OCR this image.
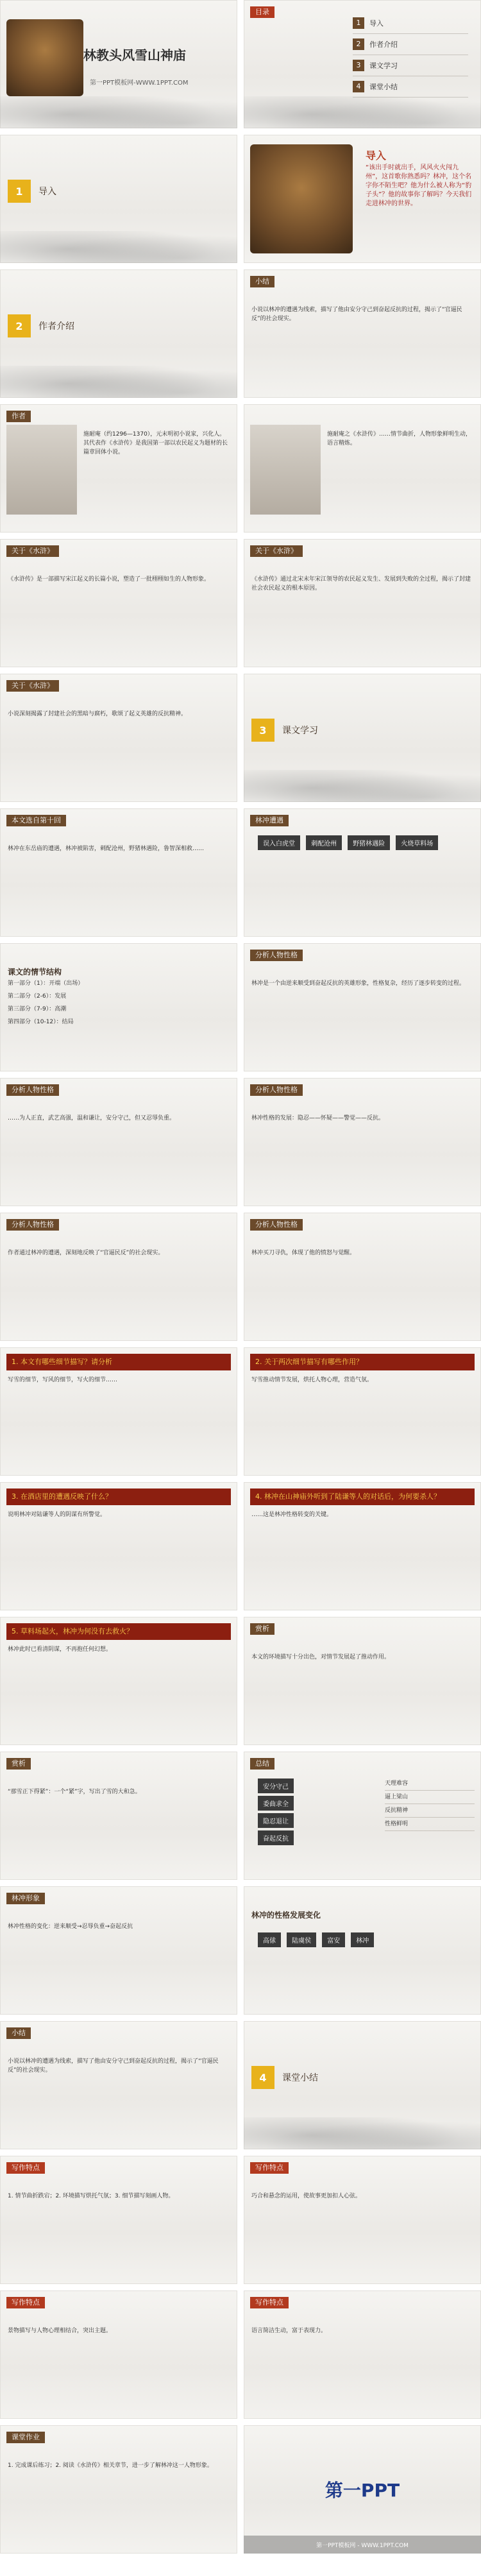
林教头风雪山神庙
第一PPT模板网-WWW.1PPT.COM
目录
1	导入
2	作者介绍
3	课文学习
4	课堂小结
1	导入
导入
“该出手时就出手，风风火火闯九州”，这首歌你熟悉吗？林冲，这个名字你不陌生吧？他为什么被人称为“豹子头”？他的故事你了解吗？今天我们走进林冲的世界。
2	作者介绍
小结
小说以林冲的遭遇为线索，描写了他由安分守己到奋起反抗的过程，揭示了“官逼民反”的社会现实。
作者
施耐庵（约1296—1370），元末明初小说家，兴化人。其代表作《水浒传》是我国第一部以农民起义为题材的长篇章回体小说。
施耐庵之《水浒传》……情节曲折，人物形象鲜明生动，语言精炼。
关于《水浒》
《水浒传》是一部描写宋江起义的长篇小说，塑造了一批栩栩如生的人物形象。
关于《水浒》
《水浒传》通过北宋末年宋江领导的农民起义发生、发展到失败的全过程，揭示了封建社会农民起义的根本原因。
关于《水浒》
小说深刻揭露了封建社会的黑暗与腐朽，歌颂了起义英雄的反抗精神。
3	课文学习
本文选自第十回
林冲在东岳庙的遭遇，林冲被陷害，刺配沧州，野猪林遇险，鲁智深相救……
林冲遭遇
误入白虎堂	刺配沧州	野猪林遇险	火烧草料场
课文的情节结构

第一部分（1）：开端（出场）

第二部分（2-6）：发展

第三部分（7-9）：高潮

第四部分（10-12）：结局

分析人物性格
林冲是一个由逆来顺受到奋起反抗的英雄形象，性格复杂，经历了逐步转变的过程。
分析人物性格
……为人正直，武艺高强，温和谦让，安分守己，但又忍辱负重。
分析人物性格
林冲性格的发展：隐忍——怀疑——警觉——反抗。
分析人物性格
作者通过林冲的遭遇，深刻地反映了“官逼民反”的社会现实。
分析人物性格
林冲买刀寻仇，体现了他的愤怒与觉醒。
1. 本文有哪些细节描写？请分析
写雪的细节，写风的细节，写火的细节……
2. 关于两次细节描写有哪些作用？
写雪推动情节发展，烘托人物心理，营造气氛。
3. 在酒店里的遭遇反映了什么？
说明林冲对陆谦等人的阴谋有所警觉。
4. 林冲在山神庙外听到了陆谦等人的对话后，为何要杀人？
……这是林冲性格转变的关键。
5. 草料场起火，林冲为何没有去救火？
林冲此时已看清阴谋，不再抱任何幻想。
赏析
本文的环境描写十分出色，对情节发展起了推动作用。
赏析
“那雪正下得紧”：一个“紧”字，写出了雪的大和急。
总结
安分守己
委曲求全
隐忍退让
奋起反抗
天理难容
逼上梁山
反抗精神
性格鲜明
林冲形象
林冲性格的变化：逆来顺受→忍辱负重→奋起反抗
林冲的性格发展变化
高俅	陆虞侯	富安	林冲
小结
小说以林冲的遭遇为线索，描写了他由安分守己到奋起反抗的过程，揭示了“官逼民反”的社会现实。
4	课堂小结
写作特点
1. 情节曲折跌宕；2. 环境描写烘托气氛；3. 细节描写刻画人物。
写作特点
巧合和悬念的运用，使故事更加扣人心弦。
写作特点
景物描写与人物心理相结合，突出主题。
写作特点
语言简洁生动，富于表现力。
课堂作业
1. 完成课后练习；2. 阅读《水浒传》相关章节，进一步了解林冲这一人物形象。
第一PPT
第一PPT模板网 - WWW.1PPT.COM
